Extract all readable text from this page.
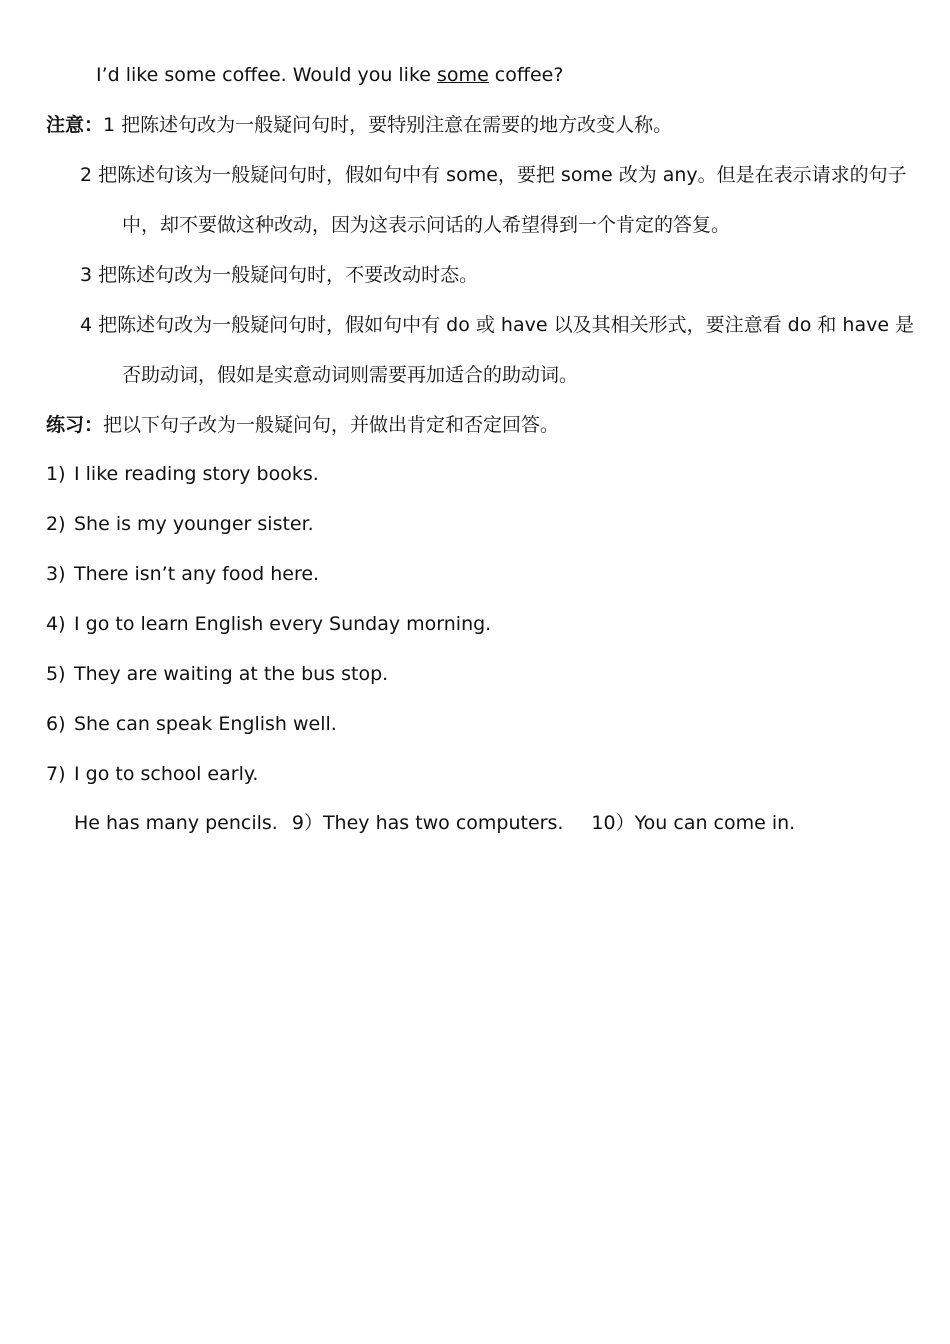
I’d like some coffee. Would you like some coffee?
注意：1 把陈述句改为一般疑问句时，要特别注意在需要的地方改变人称。
2 把陈述句该为一般疑问句时，假如句中有 some，要把 some 改为 any。但是在表示请求的句子
中，却不要做这种改动，因为这表示问话的人希望得到一个肯定的答复。
3 把陈述句改为一般疑问句时，不要改动时态。
4 把陈述句改为一般疑问句时，假如句中有 do 或 have 以及其相关形式，要注意看 do 和 have 是
否助动词，假如是实意动词则需要再加适合的助动词。
练习：把以下句子改为一般疑问句，并做出肯定和否定回答。
1) I like reading story books.
2) She is my younger sister.
3) There isn’t any food here.
4) I go to learn English every Sunday morning.
5) They are waiting at the bus stop.
6) She can speak English well.
7) I go to school early.
He has many pencils. 9）They has two computers. 10）You can come in.
